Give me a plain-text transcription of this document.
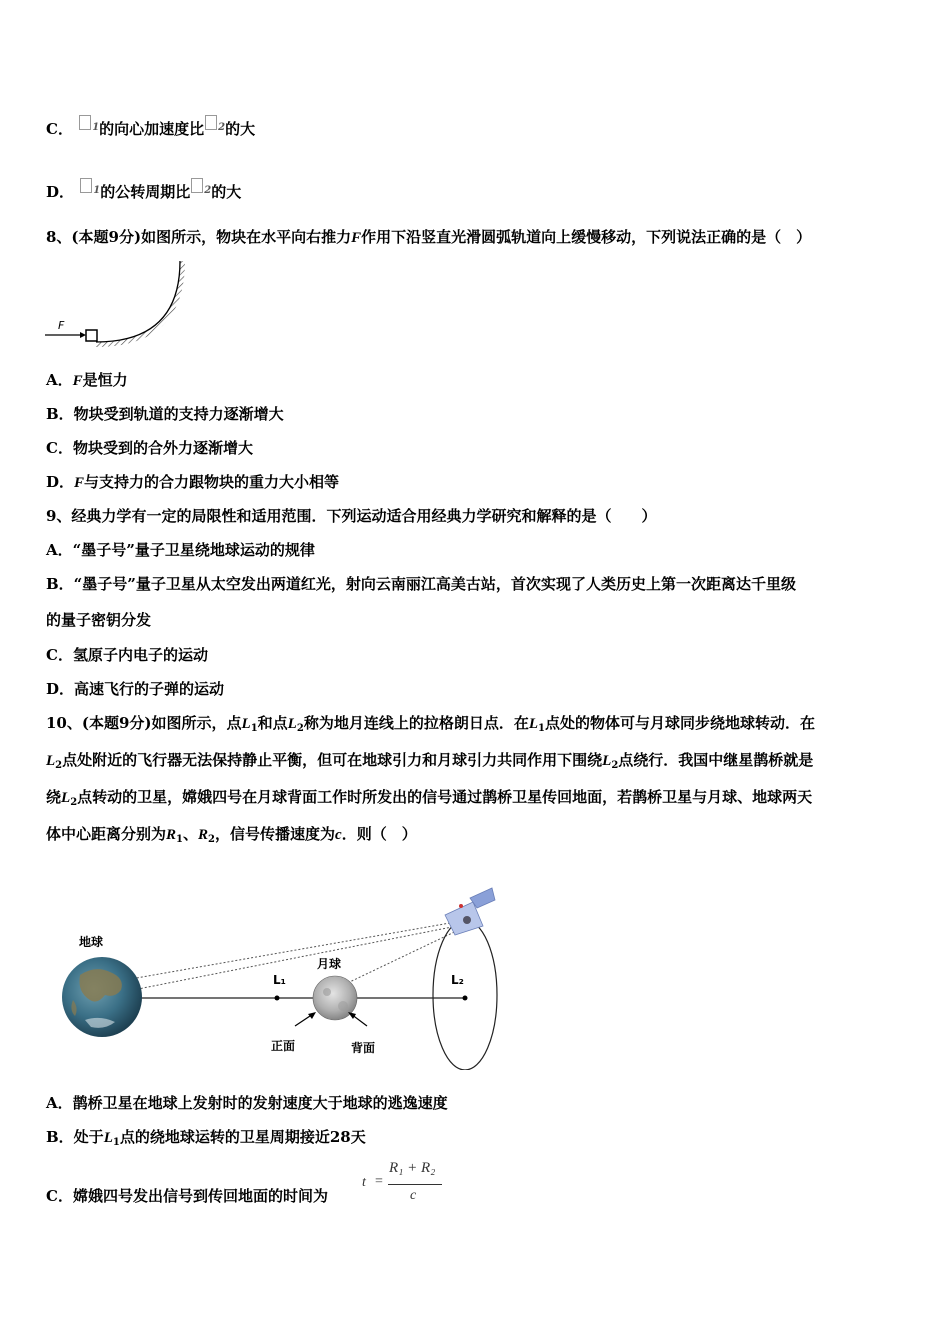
C． $^1$的向心加速度比 $^2$的大
D． $^1$的公转周期比 $^2$的大
8、(本题9分)如图所示，物块在水平向右推力F作用下沿竖直光滑圆弧轨道向上缓慢移动，下列说法正确的是（　）
F
A．F是恒力
B．物块受到轨道的支持力逐渐增大
C．物块受到的合外力逐渐增大
D．F与支持力的合力跟物块的重力大小相等
9、经典力学有一定的局限性和适用范围．下列运动适合用经典力学研究和解释的是（　　）
A．“墨子号”量子卫星绕地球运动的规律
B．“墨子号”量子卫星从太空发出两道红光，射向云南丽江高美古站，首次实现了人类历史上第一次距离达千里级
的量子密钥分发
C．氢原子内电子的运动
D．高速飞行的子弹的运动
10、(本题9分)如图所示，点$L_1$和点$L_2$称为地月连线上的拉格朗日点．在$L_1$点处的物体可与月球同步绕地球转动．在
$L_2$点处附近的飞行器无法保持静止平衡，但可在地球引力和月球引力共同作用下围绕$L_2$点绕行．我国中继星鹊桥就是
绕$L_2$点转动的卫星，嫦娥四号在月球背面工作时所发出的信号通过鹊桥卫星传回地面，若鹊桥卫星与月球、地球两天
体中心距离分别为$R_1$、$R_2$，信号传播速度为c．则（　）
地球
L₁
月球
正面	背面
L₂
A．鹊桥卫星在地球上发射时的发射速度大于地球的逃逸速度
B．处于$L_1$点的绕地球运转的卫星周期接近28天
C．嫦娥四号发出信号到传回地面的时间为
t =
R₁ + R₂
c
